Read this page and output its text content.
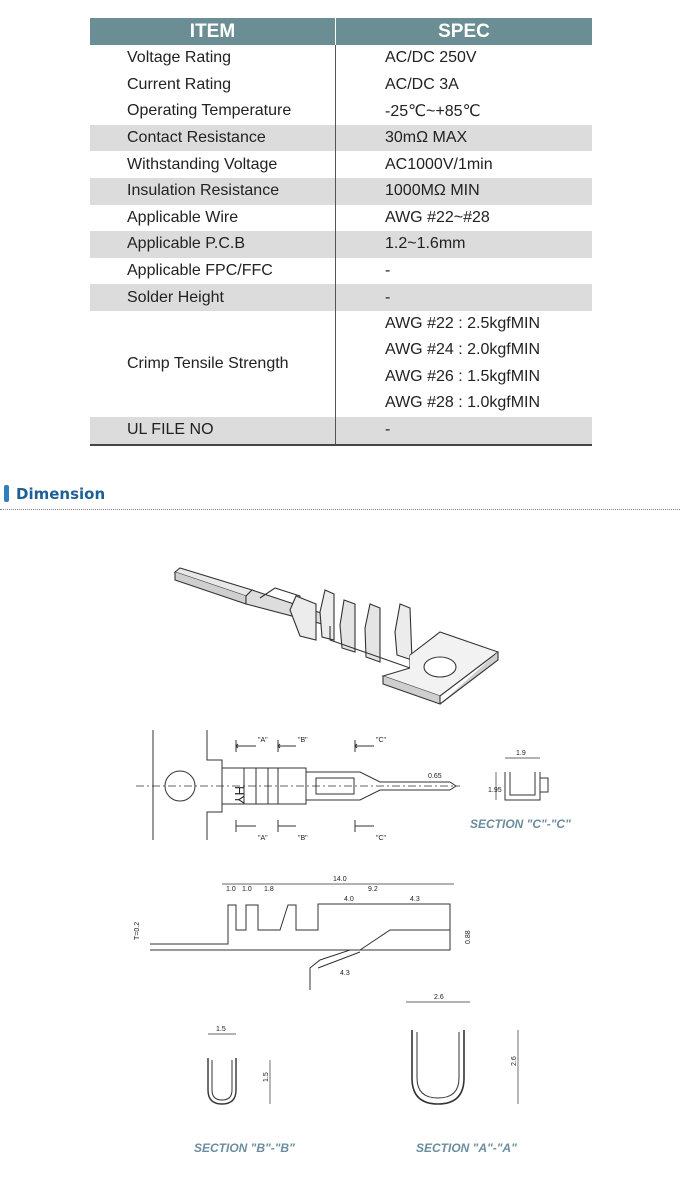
ITEM	SPEC
Voltage Rating	AC/DC 250V
Current Rating	AC/DC 3A
Operating Temperature	-25℃~+85℃
Contact Resistance	30mΩ MAX
Withstanding Voltage	AC1000V/1min
Insulation Resistance	1000MΩ MIN
Applicable Wire	AWG #22~#28
Applicable P.C.B	1.2~1.6mm
Applicable FPC/FFC	-
Solder Height	-
Crimp Tensile Strength	AWG #22 : 2.5kgfMIN
AWG #24 : 2.0kgfMIN
AWG #26 : 1.5kgfMIN
AWG #28 : 1.0kgfMIN

UL FILE NO	-
Dimension
HY
"A"	"B"	"C"
"A"	"B"	"C"
0.65
1.9
1.95
SECTION "C"-"C"
14.0
1.0 1.0 1.8	9.2
4.0	4.3
4.3
T=0.2	0.88
1.5
1.5
SECTION "B"-"B"
2.6
2.6
SECTION "A"-"A"
